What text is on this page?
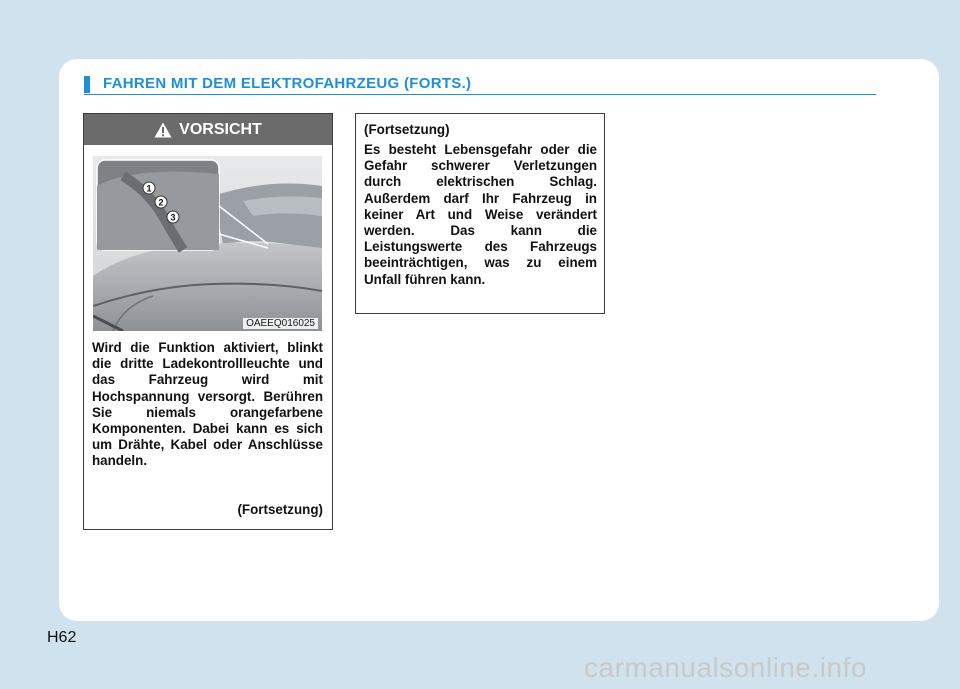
FAHREN MIT DEM ELEKTROFAHRZEUG (FORTS.)
VORSICHT
1
2
3
OAEEQ016025
Wird die Funktion aktiviert, blinkt die dritte Ladekontrollleuchte und das Fahrzeug wird mit Hochspannung versorgt. Berühren Sie niemals orangefarbene Komponenten. Dabei kann es sich um Drähte, Kabel oder Anschlüsse handeln.
(Fortsetzung)
(Fortsetzung)
Es besteht Lebensgefahr oder die Gefahr schwerer Verletzungen durch elektrischen Schlag. Außerdem darf Ihr Fahrzeug in keiner Art und Weise verändert werden. Das kann die Leistungswerte des Fahrzeugs beeinträchtigen, was zu einem Unfall führen kann.
H62
carmanualsonline.info
